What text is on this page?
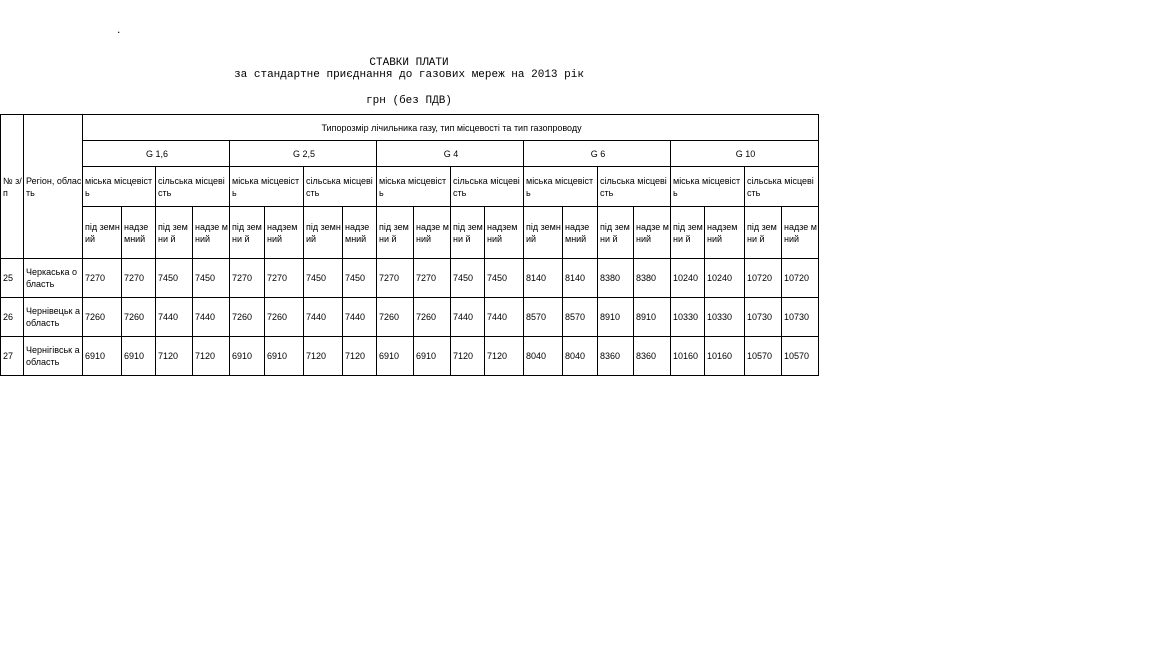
.
СТАВКИ ПЛАТИ
за стандартне приєднання до газових мереж на 2013 рік
грн (без ПДВ)
№ з/п	Регіон, область	Типорозмір лічильника газу, тип місцевості та тип газопроводу																			
		G 1,6				G 2,5				G 4				G 6				G 10			
		міська місцевість		сільська місцевість		міська місцевість		сільська місцевість		міська місцевість		сільська місцевість		міська місцевість		сільська місцевість		міська місцевість		сільська місцевість	
		під земний	надзе мний	під земни й	надзе мний	під земни й	надзем ний	під земний	надзе мний	під земни й	надзе мний	під земни й	надзем ний	під земний	надзе мний	під земни й	надзе мний	під земни й	надзем ний	під земни й	надзе мний
25	Черкаська область	7270	7270	7450	7450	7270	7270	7450	7450	7270	7270	7450	7450	8140	8140	8380	8380	10240	10240	10720	10720
26	Чернівецьк а область	7260	7260	7440	7440	7260	7260	7440	7440	7260	7260	7440	7440	8570	8570	8910	8910	10330	10330	10730	10730
27	Чернігівськ а область	6910	6910	7120	7120	6910	6910	7120	7120	6910	6910	7120	7120	8040	8040	8360	8360	10160	10160	10570	10570
